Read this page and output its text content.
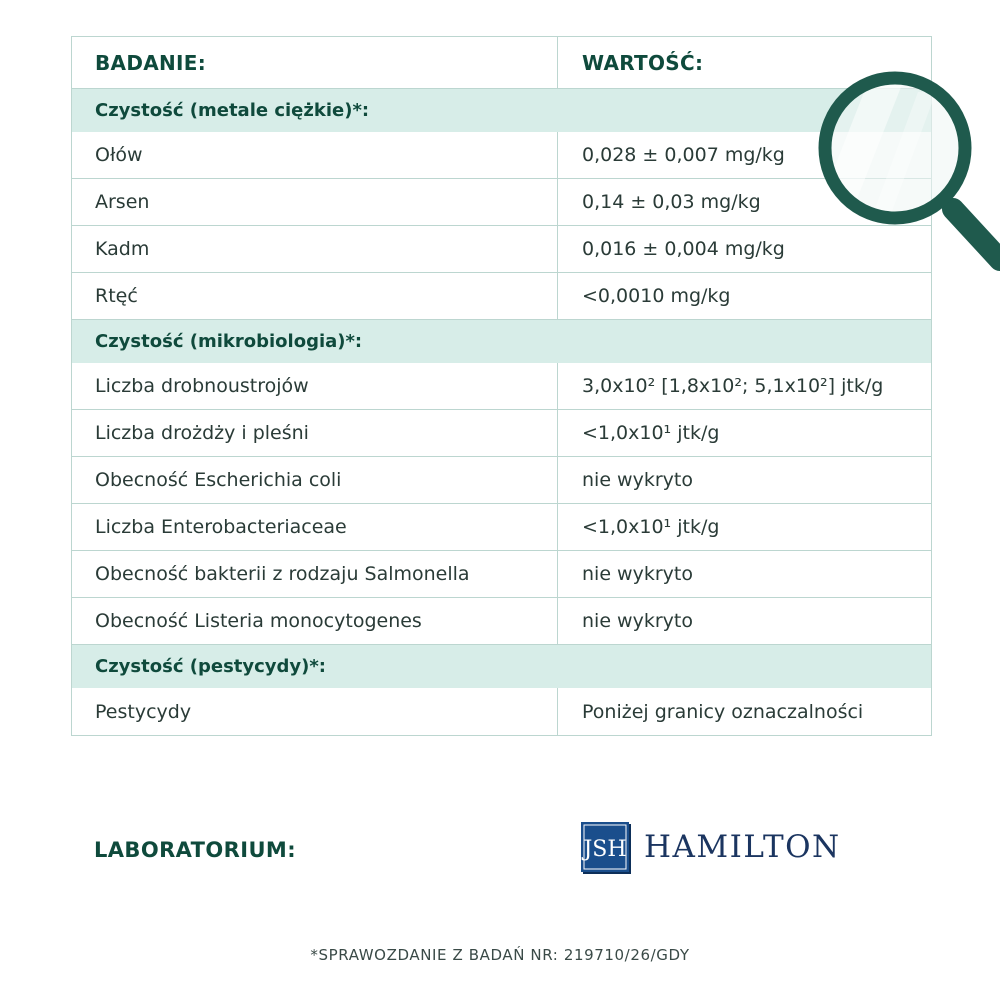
BADANIE:	WARTOŚĆ:
Czystość (metale ciężkie)*:
Ołów	0,028 ± 0,007 mg/kg
Arsen	0,14 ± 0,03 mg/kg
Kadm	0,016 ± 0,004 mg/kg
Rtęć	<0,0010 mg/kg
Czystość (mikrobiologia)*:
Liczba drobnoustrojów	3,0x10² [1,8x10²; 5,1x10²] jtk/g
Liczba drożdży i pleśni	<1,0x10¹ jtk/g
Obecność Escherichia coli	nie wykryto
Liczba Enterobacteriaceae	<1,0x10¹ jtk/g
Obecność bakterii z rodzaju Salmonella	nie wykryto
Obecność Listeria monocytogenes	nie wykryto
Czystość (pestycydy)*:
Pestycydy	Poniżej granicy oznaczalności
LABORATORIUM:	JSH HAMILTON
*SPRAWOZDANIE Z BADAŃ NR: 219710/26/GDY
